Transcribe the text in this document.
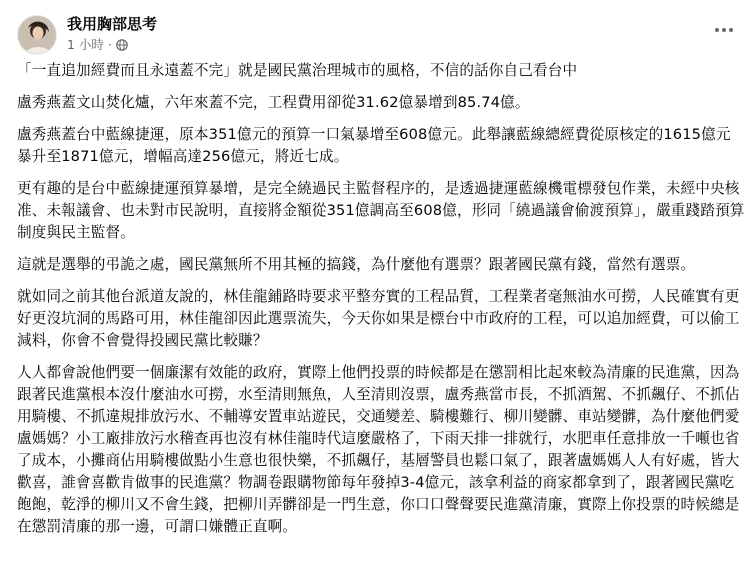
我用胸部思考
1 小時 ·

「一直追加經費而且永遠蓋不完」就是國民黨治理城市的風格，不信的話你自己看台中

盧秀燕蓋文山焚化爐，六年來蓋不完，工程費用卻從31.62億暴增到85.74億。

盧秀燕蓋台中藍線捷運，原本351億元的預算一口氣暴增至608億元。此舉讓藍線總經費從原核定的1615億元暴升至1871億元，增幅高達256億元，將近七成。

更有趣的是台中藍線捷運預算暴增，是完全繞過民主監督程序的，是透過捷運藍線機電標發包作業，未經中央核准、未報議會、也未對市民說明，直接將金額從351億調高至608億，形同「繞過議會偷渡預算」，嚴重踐踏預算制度與民主監督。

這就是選舉的弔詭之處，國民黨無所不用其極的搞錢，為什麼他有選票？跟著國民黨有錢，當然有選票。

就如同之前其他台派道友說的，林佳龍鋪路時要求平整夯實的工程品質，工程業者毫無油水可撈，人民確實有更好更沒坑洞的馬路可用，林佳龍卻因此選票流失，今天你如果是標台中市政府的工程，可以追加經費，可以偷工減料，你會不會覺得投國民黨比較賺？

人人都會說他們要一個廉潔有效能的政府，實際上他們投票的時候都是在懲罰相比起來較為清廉的民進黨，因為跟著民進黨根本沒什麼油水可撈，水至清則無魚，人至清則沒票，盧秀燕當市長，不抓酒駕、不抓飆仔、不抓佔用騎樓、不抓違規排放污水、不輔導安置車站遊民，交通變差、騎樓難行、柳川變髒、車站變髒，為什麼他們愛盧媽媽？小工廠排放污水稽查再也沒有林佳龍時代這麼嚴格了，下雨天排一排就行，水肥車任意排放一千噸也省了成本，小攤商佔用騎樓做點小生意也很快樂，不抓飆仔，基層警員也鬆口氣了，跟著盧媽媽人人有好處，皆大歡喜，誰會喜歡肯做事的民進黨？物調卷跟購物節每年發掉3-4億元，該拿利益的商家都拿到了，跟著國民黨吃飽飽，乾淨的柳川又不會生錢，把柳川弄髒卻是一門生意，你口口聲聲要民進黨清廉，實際上你投票的時候總是在懲罰清廉的那一邊，可謂口嫌體正直啊。
